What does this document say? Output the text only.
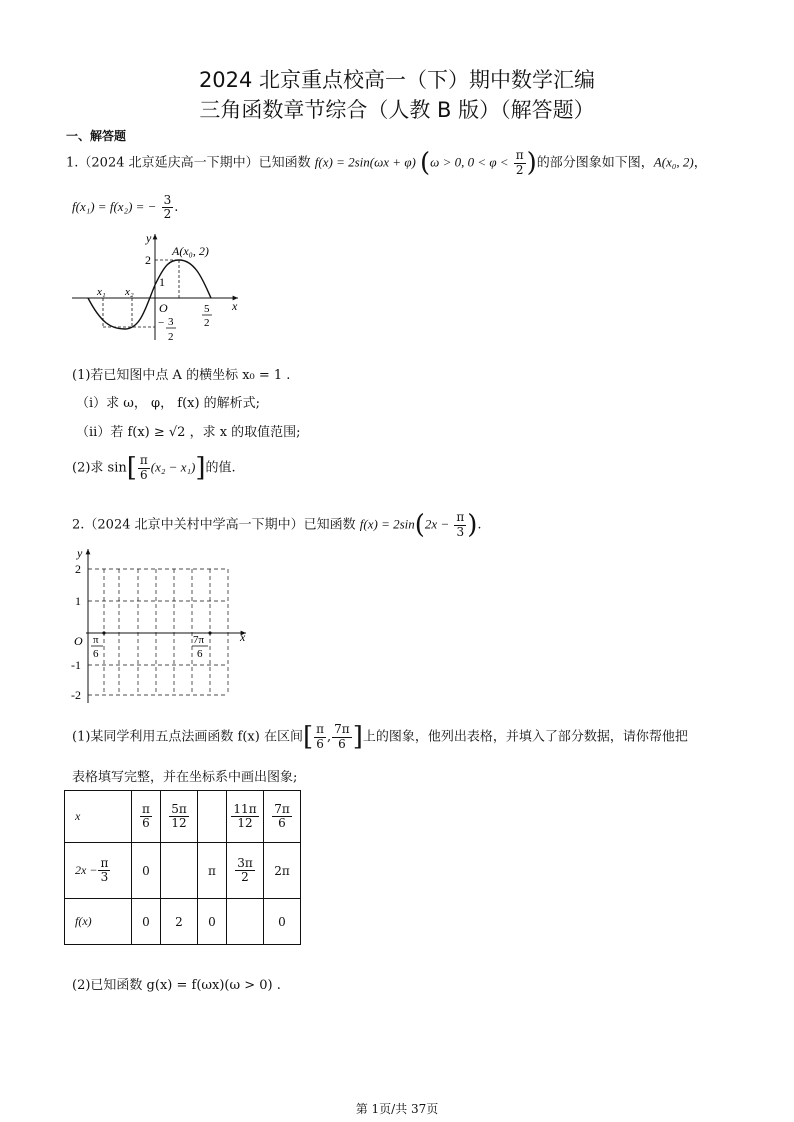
2024 北京重点校高一（下）期中数学汇编
三角函数章节综合（人教 B 版）（解答题）
一、解答题
1.（2024 北京延庆高一下期中）已知函数 f(x) = 2sin(ωx + φ) (ω > 0, $0 < \varphi < \frac{\pi}{2}$ )的部分图象如下图，A(x₀, 2)，
f(x₁) = f(x₂) = − $\frac{3}{2}$ .
y
x
O
A(x₀, 2)
2
1
x₁ x₂
− 3
2
5
2
(1)若已知图中点 A 的横坐标 x₀ = 1 .
（i）求 ω， φ， f(x) 的解析式;
（ii）若 f(x) ≥ √2 ，求 x 的取值范围;
(2)求 $\sin[ \frac{\pi}{6} (x_2 - x_1)]$的值.
2.（2024 北京中关村中学高一下期中）已知函数 $f(x) = 2\sin(2x - \frac{\pi}{3}$ ).
y
x
O
2
1
-1
-2
π
6
7π
6
(1)某同学利用五点法画函数 f(x) 在区间[ $\frac{\pi}{6}$ , $\frac{7\pi}{6}$ ]上的图象，他列出表格，并填入了部分数据，请你帮他把
表格填写完整，并在坐标系中画出图象;
x	$\frac{\pi}{6}$	$\frac{5\pi}{12}$		$\frac{11\pi}{12}$	$\frac{7\pi}{6}$

$2x - \frac{\pi}{3}$	0		π	$\frac{3\pi}{2}$	2π
f(x)	0	2	0		0
(2)已知函数 g(x) = f(ωx)(ω > 0) .
第 1页/共 37页
